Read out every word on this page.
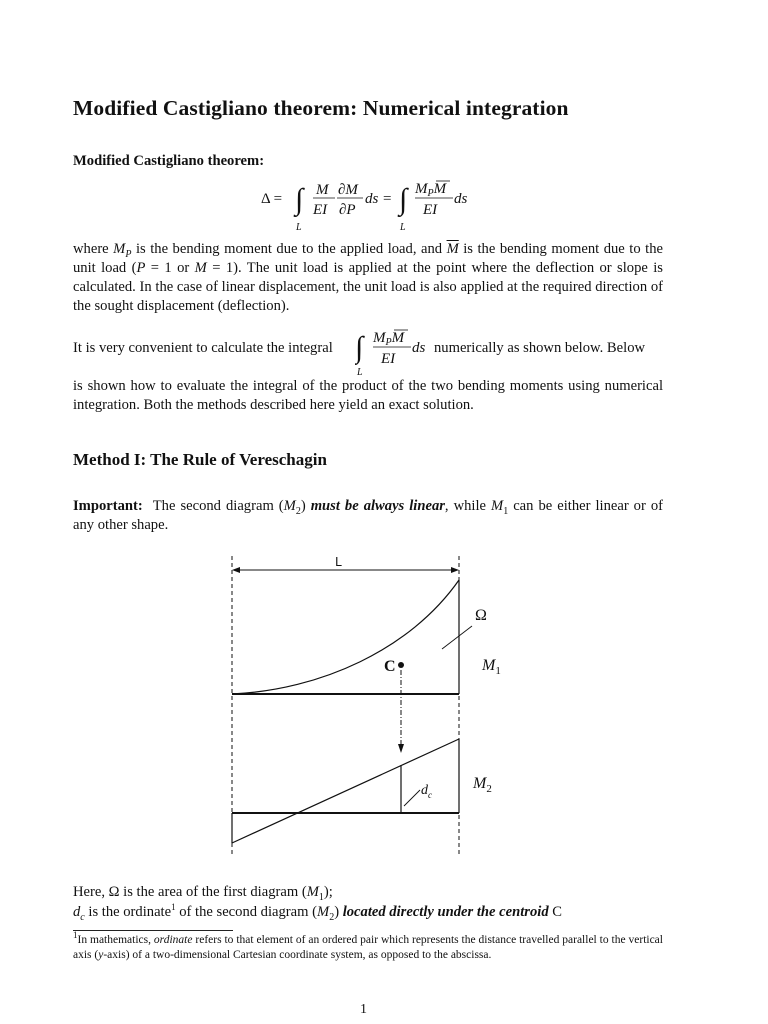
Modified Castigliano theorem: Numerical integration
Modified Castigliano theorem:
Δ = ∫
L
M
EI
∂M
∂P
ds = ∫
L
$M_PM$
EI
ds

where $M_P$ is the bending moment due to the applied load, and $\overline{M}$ is the bending moment due to the unit load (P = 1 or M = 1). The unit load is applied at the point where the deflection or slope is calculated. In the case of linear displacement, the unit load is also applied at the required direction of the sought displacement (deflection).

It is very convenient to calculate the integral ∫
L
$M_PM$
EI
ds numerically as shown below. Below

is shown how to evaluate the integral of the product of the two bending moments using numerical integration. Both the methods described here yield an exact solution.

Method I: The Rule of Vereschagin

Important: The second diagram $(M_2)$ must be always linear, while $M_1$ can be either linear or of any other shape.

L
Ω
C	$M_1$
$M_2$
$d_c$
Here, Ω is the area of the first diagram $(M_1)$;
$d_c$ is the ordinate$^1$ of the second diagram $(M_2)$ located directly under the centroid C

$^1$In mathematics, ordinate refers to that element of an ordered pair which represents the distance travelled parallel to the vertical axis (y-axis) of a two-dimensional Cartesian coordinate system, as opposed to the abscissa.

1
